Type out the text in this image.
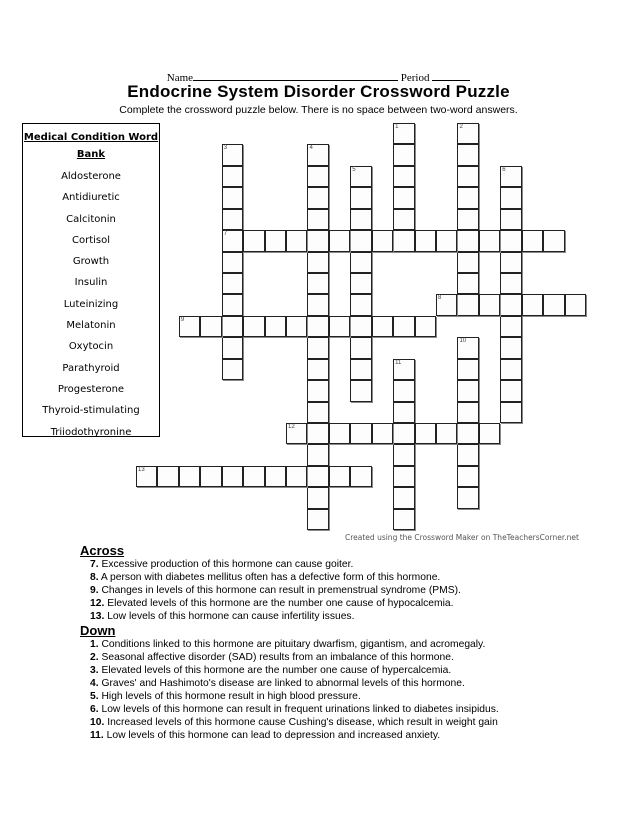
Name	Period
Endocrine System Disorder Crossword Puzzle
Complete the crossword puzzle below. There is no space between two-word answers.
Medical Condition Word Bank
Aldosterone
Antidiuretic
Calcitonin
Cortisol
Growth
Insulin
Luteinizing
Melatonin
Oxytocin
Parathyroid
Progesterone
Thyroid-stimulating
Triiodothyronine
1	2
3
7
4
5	6
8
9
10
11
12
13
Created using the Crossword Maker on TheTeachersCorner.net
Across
7. Excessive production of this hormone can cause goiter.
8. A person with diabetes mellitus often has a defective form of this hormone.
9. Changes in levels of this hormone can result in premenstrual syndrome (PMS).
12. Elevated levels of this hormone are the number one cause of hypocalcemia.
13. Low levels of this hormone can cause infertility issues.
Down
1. Conditions linked to this hormone are pituitary dwarfism, gigantism, and acromegaly.
2. Seasonal affective disorder (SAD) results from an imbalance of this hormone.
3. Elevated levels of this hormone are the number one cause of hypercalcemia.
4. Graves' and Hashimoto's disease are linked to abnormal levels of this hormone.
5. High levels of this hormone result in high blood pressure.
6. Low levels of this hormone can result in frequent urinations linked to diabetes insipidus.
10. Increased levels of this hormone cause Cushing's disease, which result in weight gain
11. Low levels of this hormone can lead to depression and increased anxiety.
